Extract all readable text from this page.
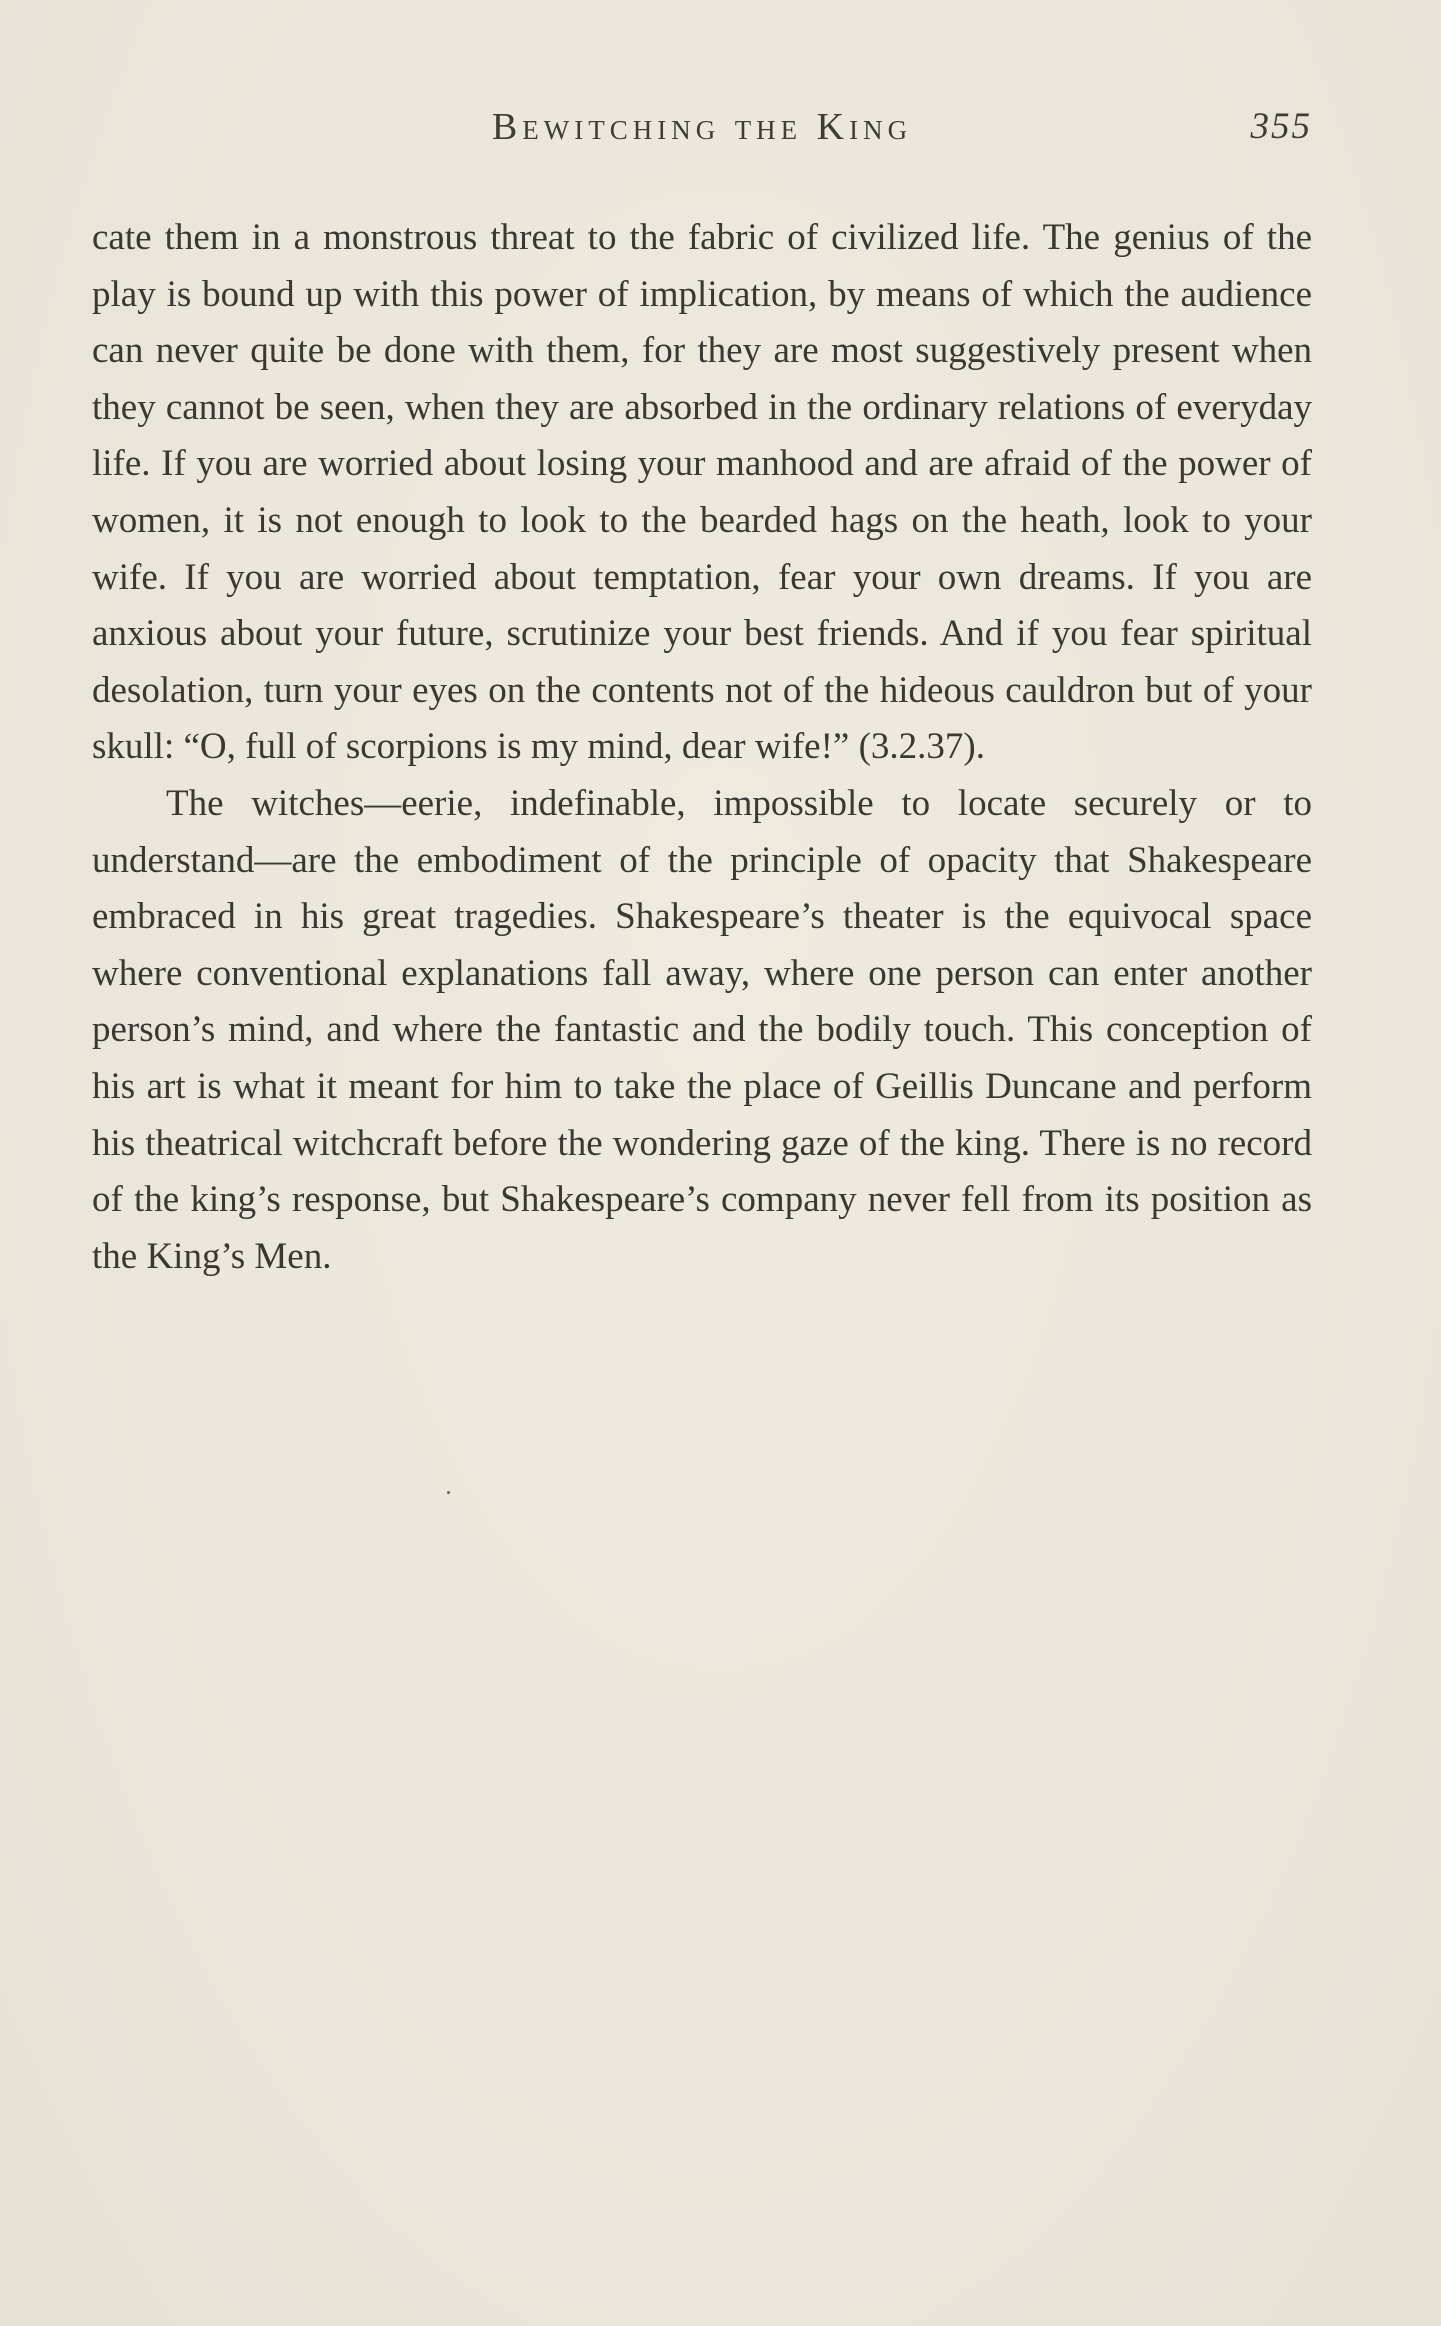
Bewitching the King	355

cate them in a monstrous threat to the fabric of civilized life. The genius of the play is bound up with this power of implication, by means of which the audience can never quite be done with them, for they are most suggestively present when they cannot be seen, when they are absorbed in the ordinary relations of everyday life. If you are worried about losing your manhood and are afraid of the power of women, it is not enough to look to the bearded hags on the heath, look to your wife. If you are worried about temptation, fear your own dreams. If you are anxious about your future, scrutinize your best friends. And if you fear spiritual desolation, turn your eyes on the contents not of the hideous cauldron but of your skull: “O, full of scorpions is my mind, dear wife!” (3.2.37).

The witches—eerie, indefinable, impossible to locate securely or to understand—are the embodiment of the principle of opacity that Shakespeare embraced in his great tragedies. Shakespeare’s theater is the equivocal space where conventional explanations fall away, where one person can enter another person’s mind, and where the fantastic and the bodily touch. This conception of his art is what it meant for him to take the place of Geillis Duncane and perform his theatrical witchcraft before the wondering gaze of the king. There is no record of the king’s response, but Shakespeare’s company never fell from its position as the King’s Men.
